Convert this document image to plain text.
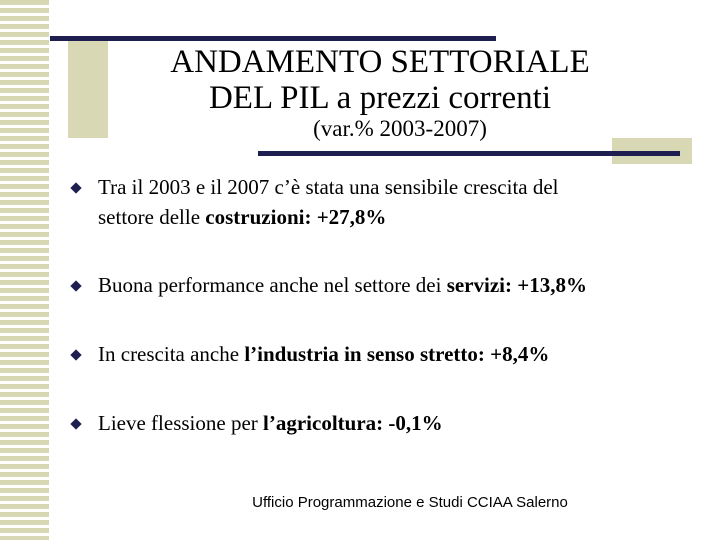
ANDAMENTO SETTORIALE
DEL PIL a prezzi correnti

(var.% 2003-2007)

Tra il 2003 e il 2007 c’è stata una sensibile crescita del
settore delle costruzioni: +27,8%
Buona performance anche nel settore dei servizi: +13,8%
In crescita anche l’industria in senso stretto: +8,4%
Lieve flessione per l’agricoltura: -0,1%
Ufficio Programmazione e Studi CCIAA Salerno
